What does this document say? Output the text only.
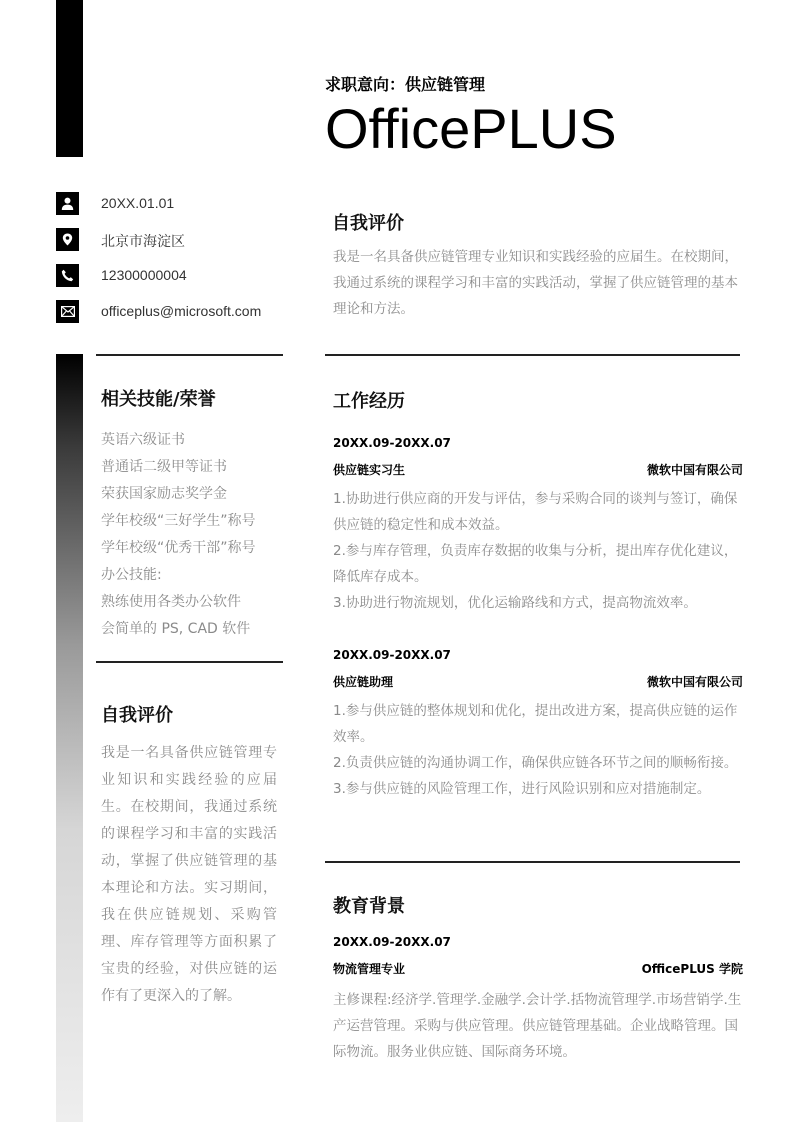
求职意向：供应链管理
OfficePLUS
20XX.01.01
北京市海淀区
12300000004
officeplus@microsoft.com
自我评价
我是一名具备供应链管理专业知识和实践经验的应届生。在校期间，我通过系统的课程学习和丰富的实践活动，掌握了供应链管理的基本理论和方法。
相关技能/荣誉
英语六级证书
普通话二级甲等证书
荣获国家励志奖学金
学年校级“三好学生”称号
学年校级“优秀干部”称号
办公技能:
熟练使用各类办公软件
会简单的 PS, CAD 软件
自我评价
我是一名具备供应链管理专业知识和实践经验的应届生。在校期间，我通过系统的课程学习和丰富的实践活动，掌握了供应链管理的基本理论和方法。实习期间，我在供应链规划、采购管理、库存管理等方面积累了宝贵的经验，对供应链的运作有了更深入的了解。
工作经历
20XX.09-20XX.07
供应链实习生	微软中国有限公司
1.协助进行供应商的开发与评估，参与采购合同的谈判与签订，确保供应链的稳定性和成本效益。
2.参与库存管理，负责库存数据的收集与分析，提出库存优化建议，降低库存成本。
3.协助进行物流规划，优化运输路线和方式，提高物流效率。
20XX.09-20XX.07
供应链助理	微软中国有限公司
1.参与供应链的整体规划和优化，提出改进方案，提高供应链的运作效率。
2.负责供应链的沟通协调工作，确保供应链各环节之间的顺畅衔接。
3.参与供应链的风险管理工作，进行风险识别和应对措施制定。
教育背景
20XX.09-20XX.07
物流管理专业	OfficePLUS 学院
主修课程:经济学.管理学.金融学.会计学.括物流管理学.市场营销学.生产运营管理。采购与供应管理。供应链管理基础。企业战略管理。国际物流。服务业供应链、国际商务环境。
